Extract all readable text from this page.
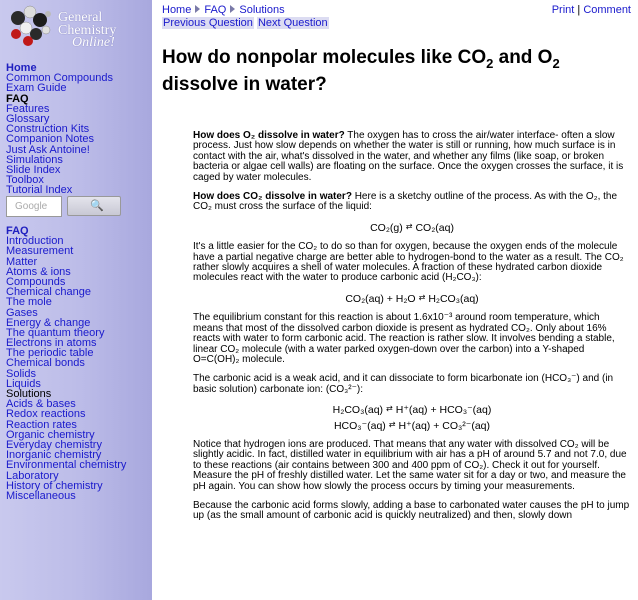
General
Chemistry
Online!
Home
Common Compounds
Exam Guide
FAQ
Features
Glossary
Construction Kits
Companion Notes
Just Ask Antoine!
Simulations
Slide Index
Toolbox
Tutorial Index
Google	🔍
FAQ
Introduction
Measurement
Matter
Atoms & ions
Compounds
Chemical change
The mole
Gases
Energy & change
The quantum theory
Electrons in atoms
The periodic table
Chemical bonds
Solids
Liquids
Solutions
Acids & bases
Redox reactions
Reaction rates
Organic chemistry
Everyday chemistry
Inorganic chemistry
Environmental chemistry
Laboratory
History of chemistry
Miscellaneous
Home FAQ Solutions
Previous Question Next Question
Print | Comment
How do nonpolar molecules like $CO_2$ and $O_2$ dissolve in water?

How does O₂ dissolve in water? The oxygen has to cross the air/water interface- often a slow process. Just how slow depends on whether the water is still or running, how much surface is in contact with the air, what's dissolved in the water, and whether any films (like soap, or broken bacteria or algae cell walls) are floating on the surface. Once the oxygen crosses the surface, it is caged by water molecules.

How does CO₂ dissolve in water? Here is a sketchy outline of the process. As with the O₂, the CO₂ must cross the surface of the liquid:

CO₂(g) ⇄ CO₂(aq)

It's a little easier for the CO₂ to do so than for oxygen, because the oxygen ends of the molecule have a partial negative charge are better able to hydrogen-bond to the water as a result. The CO₂ rather slowly acquires a shell of water molecules. A fraction of these hydrated carbon dioxide molecules react with the water to produce carbonic acid (H₂CO₃):

CO₂(aq) + H₂O ⇄ H₂CO₃(aq)

The equilibrium constant for this reaction is about 1.6x10⁻³ around room temperature, which means that most of the dissolved carbon dioxide is present as hydrated CO₂. Only about 16% reacts with water to form carbonic acid. The reaction is rather slow. It involves bending a stable, linear CO₂ molecule (with a water parked oxygen-down over the carbon) into a Y-shaped O=C(OH)₂ molecule.

The carbonic acid is a weak acid, and it can dissociate to form bicarbonate ion (HCO₃⁻) and (in basic solution) carbonate ion: (CO₃²⁻):

H₂CO₃(aq) ⇄ H⁺(aq) + HCO₃⁻(aq)
HCO₃⁻(aq) ⇄ H⁺(aq) + CO₃²⁻(aq)

Notice that hydrogen ions are produced. That means that any water with dissolved CO₂ will be slightly acidic. In fact, distilled water in equilibrium with air has a pH of around 5.7 and not 7.0, due to these reactions (air contains between 300 and 400 ppm of CO₂). Check it out for yourself. Measure the pH of freshly distilled water. Let the same water sit for a day or two, and measure the pH again. You can show how slowly the process occurs by timing your measurements.

Because the carbonic acid forms slowly, adding a base to carbonated water causes the pH to jump up (as the small amount of carbonic acid is quickly neutralized) and then, slowly down
